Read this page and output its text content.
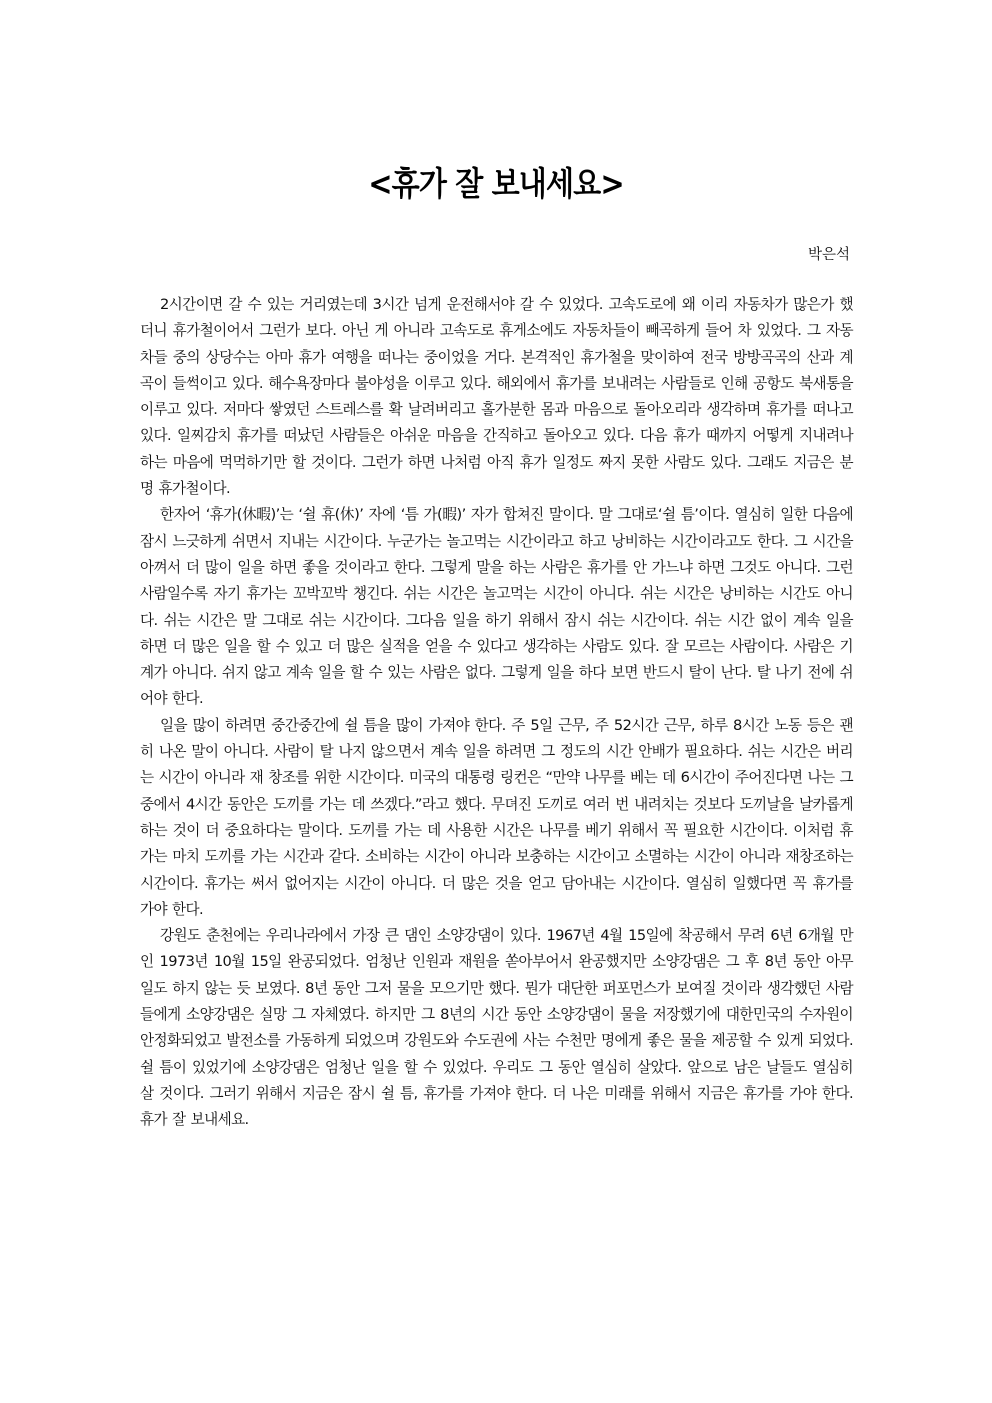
<휴가 잘 보내세요>
박은석

2시간이면 갈 수 있는 거리였는데 3시간 넘게 운전해서야 갈 수 있었다. 고속도로에 왜 이리 자동차가 많은가 했더니 휴가철이어서 그런가 보다. 아닌 게 아니라 고속도로 휴게소에도 자동차들이 빼곡하게 들어 차 있었다. 그 자동차들 중의 상당수는 아마 휴가 여행을 떠나는 중이었을 거다. 본격적인 휴가철을 맞이하여 전국 방방곡곡의 산과 계곡이 들썩이고 있다. 해수욕장마다 불야성을 이루고 있다. 해외에서 휴가를 보내려는 사람들로 인해 공항도 북새통을 이루고 있다. 저마다 쌓였던 스트레스를 확 날려버리고 홀가분한 몸과 마음으로 돌아오리라 생각하며 휴가를 떠나고 있다. 일찌감치 휴가를 떠났던 사람들은 아쉬운 마음을 간직하고 돌아오고 있다. 다음 휴가 때까지 어떻게 지내려나 하는 마음에 먹먹하기만 할 것이다. 그런가 하면 나처럼 아직 휴가 일정도 짜지 못한 사람도 있다. 그래도 지금은 분명 휴가철이다.

한자어 ‘휴가(休暇)’는 ‘쉴 휴(休)’ 자에 ‘틈 가(暇)’ 자가 합쳐진 말이다. 말 그대로‘쉴 틈’이다. 열심히 일한 다음에 잠시 느긋하게 쉬면서 지내는 시간이다. 누군가는 놀고먹는 시간이라고 하고 낭비하는 시간이라고도 한다. 그 시간을 아껴서 더 많이 일을 하면 좋을 것이라고 한다. 그렇게 말을 하는 사람은 휴가를 안 가느냐 하면 그것도 아니다. 그런 사람일수록 자기 휴가는 꼬박꼬박 챙긴다. 쉬는 시간은 놀고먹는 시간이 아니다. 쉬는 시간은 낭비하는 시간도 아니다. 쉬는 시간은 말 그대로 쉬는 시간이다. 그다음 일을 하기 위해서 잠시 쉬는 시간이다. 쉬는 시간 없이 계속 일을 하면 더 많은 일을 할 수 있고 더 많은 실적을 얻을 수 있다고 생각하는 사람도 있다. 잘 모르는 사람이다. 사람은 기계가 아니다. 쉬지 않고 계속 일을 할 수 있는 사람은 없다. 그렇게 일을 하다 보면 반드시 탈이 난다. 탈 나기 전에 쉬어야 한다.

일을 많이 하려면 중간중간에 쉴 틈을 많이 가져야 한다. 주 5일 근무, 주 52시간 근무, 하루 8시간 노동 등은 괜히 나온 말이 아니다. 사람이 탈 나지 않으면서 계속 일을 하려면 그 정도의 시간 안배가 필요하다. 쉬는 시간은 버리는 시간이 아니라 재 창조를 위한 시간이다. 미국의 대통령 링컨은 “만약 나무를 베는 데 6시간이 주어진다면 나는 그중에서 4시간 동안은 도끼를 가는 데 쓰겠다.”라고 했다. 무뎌진 도끼로 여러 번 내려치는 것보다 도끼날을 날카롭게 하는 것이 더 중요하다는 말이다. 도끼를 가는 데 사용한 시간은 나무를 베기 위해서 꼭 필요한 시간이다. 이처럼 휴가는 마치 도끼를 가는 시간과 같다. 소비하는 시간이 아니라 보충하는 시간이고 소멸하는 시간이 아니라 재창조하는 시간이다. 휴가는 써서 없어지는 시간이 아니다. 더 많은 것을 얻고 담아내는 시간이다. 열심히 일했다면 꼭 휴가를 가야 한다.

강원도 춘천에는 우리나라에서 가장 큰 댐인 소양강댐이 있다. 1967년 4월 15일에 착공해서 무려 6년 6개월 만인 1973년 10월 15일 완공되었다. 엄청난 인원과 재원을 쏟아부어서 완공했지만 소양강댐은 그 후 8년 동안 아무 일도 하지 않는 듯 보였다. 8년 동안 그저 물을 모으기만 했다. 뭔가 대단한 퍼포먼스가 보여질 것이라 생각했던 사람들에게 소양강댐은 실망 그 자체였다. 하지만 그 8년의 시간 동안 소양강댐이 물을 저장했기에 대한민국의 수자원이 안정화되었고 발전소를 가동하게 되었으며 강원도와 수도권에 사는 수천만 명에게 좋은 물을 제공할 수 있게 되었다. 쉴 틈이 있었기에 소양강댐은 엄청난 일을 할 수 있었다. 우리도 그 동안 열심히 살았다. 앞으로 남은 날들도 열심히 살 것이다. 그러기 위해서 지금은 잠시 쉴 틈, 휴가를 가져야 한다. 더 나은 미래를 위해서 지금은 휴가를 가야 한다. 휴가 잘 보내세요.
